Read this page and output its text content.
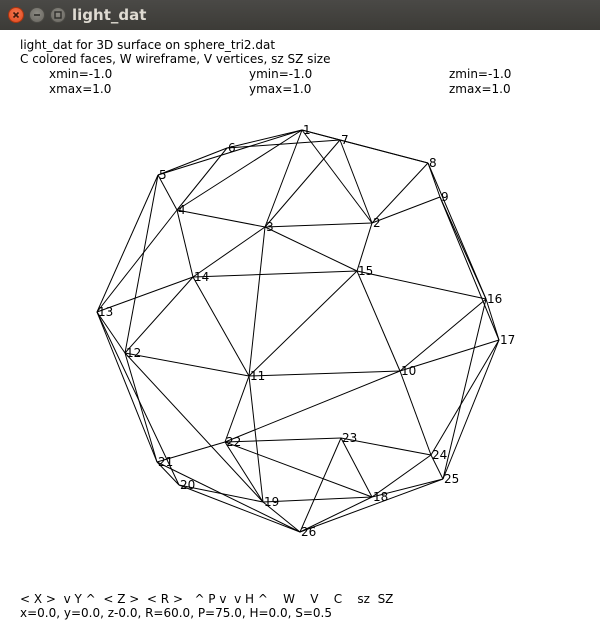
light_dat
light_dat for 3D surface on sphere_tri2.dat
C colored faces, W wireframe, V vertices, sz SZ size
xmin=-1.0	ymin=-1.0	zmin=-1.0
xmax=1.0	ymax=1.0	zmax=1.0
1
2
3
4
5
6
7
8
9
10
11
12
13
14	15
16
17
18
19
20
21
22	23
24
25
26
< X >  v Y ^  < Z >  < R >   ^ P v  v H ^    W    V    C    sz  SZ
x=0.0, y=0.0, z-0.0, R=60.0, P=75.0, H=0.0, S=0.5
